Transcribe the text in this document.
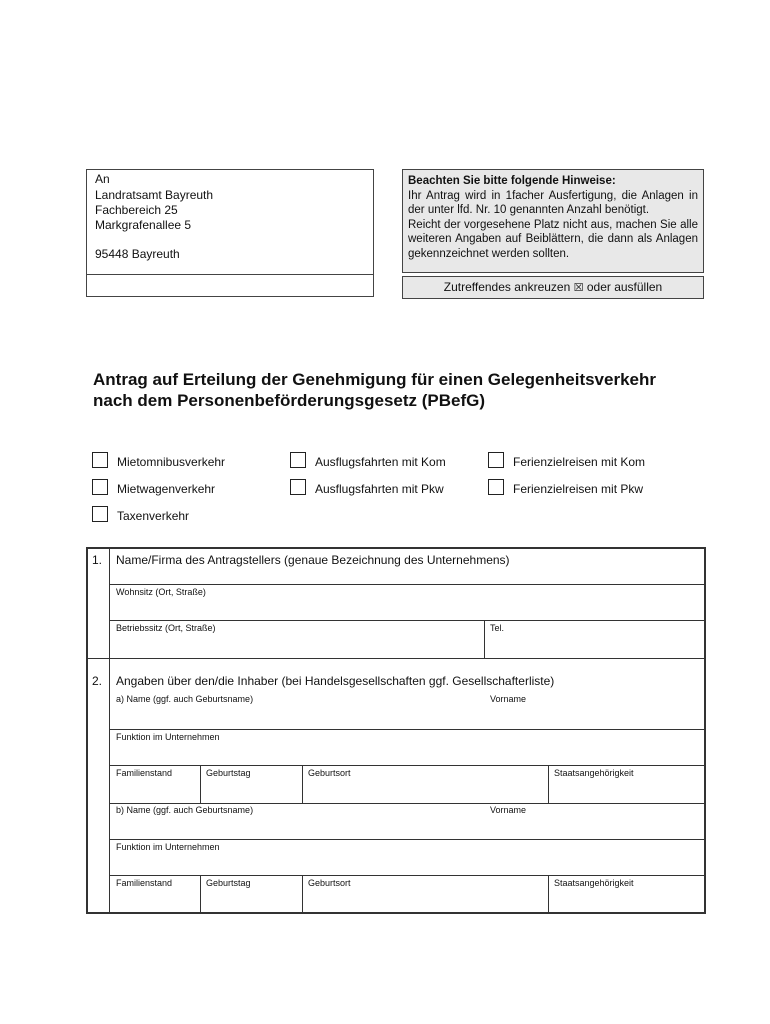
An
Landratsamt Bayreuth
Fachbereich 25
Markgrafenallee 5
95448 Bayreuth
Beachten Sie bitte folgende Hinweise:
Ihr Antrag wird in 1facher Ausfertigung, die Anlagen in der unter lfd. Nr. 10 genannten Anzahl benötigt.
Reicht der vorgesehene Platz nicht aus, machen Sie alle weiteren Angaben auf Beiblättern, die dann als Anlagen gekennzeichnet werden sollten.
Zutreffendes ankreuzen ☒ oder ausfüllen
Antrag auf Erteilung der Genehmigung für einen Gelegenheitsverkehr
nach dem Personenbeförderungsgesetz (PBefG)
Mietomnibusverkehr	Ausflugsfahrten mit Kom	Ferienzielreisen mit Kom
Mietwagenverkehr	Ausflugsfahrten mit Pkw	Ferienzielreisen mit Pkw
Taxenverkehr
1. Name/Firma des Antragstellers (genaue Bezeichnung des Unternehmens)
Wohnsitz (Ort, Straße)
Betriebssitz (Ort, Straße)	Tel.
2. Angaben über den/die Inhaber (bei Handelsgesellschaften ggf. Gesellschafterliste)
a) Name (ggf. auch Geburtsname)	Vorname
Funktion im Unternehmen
Familienstand	Geburtstag	Geburtsort	Staatsangehörigkeit
b) Name (ggf. auch Geburtsname)	Vorname
Funktion im Unternehmen
Familienstand	Geburtstag	Geburtsort	Staatsangehörigkeit
